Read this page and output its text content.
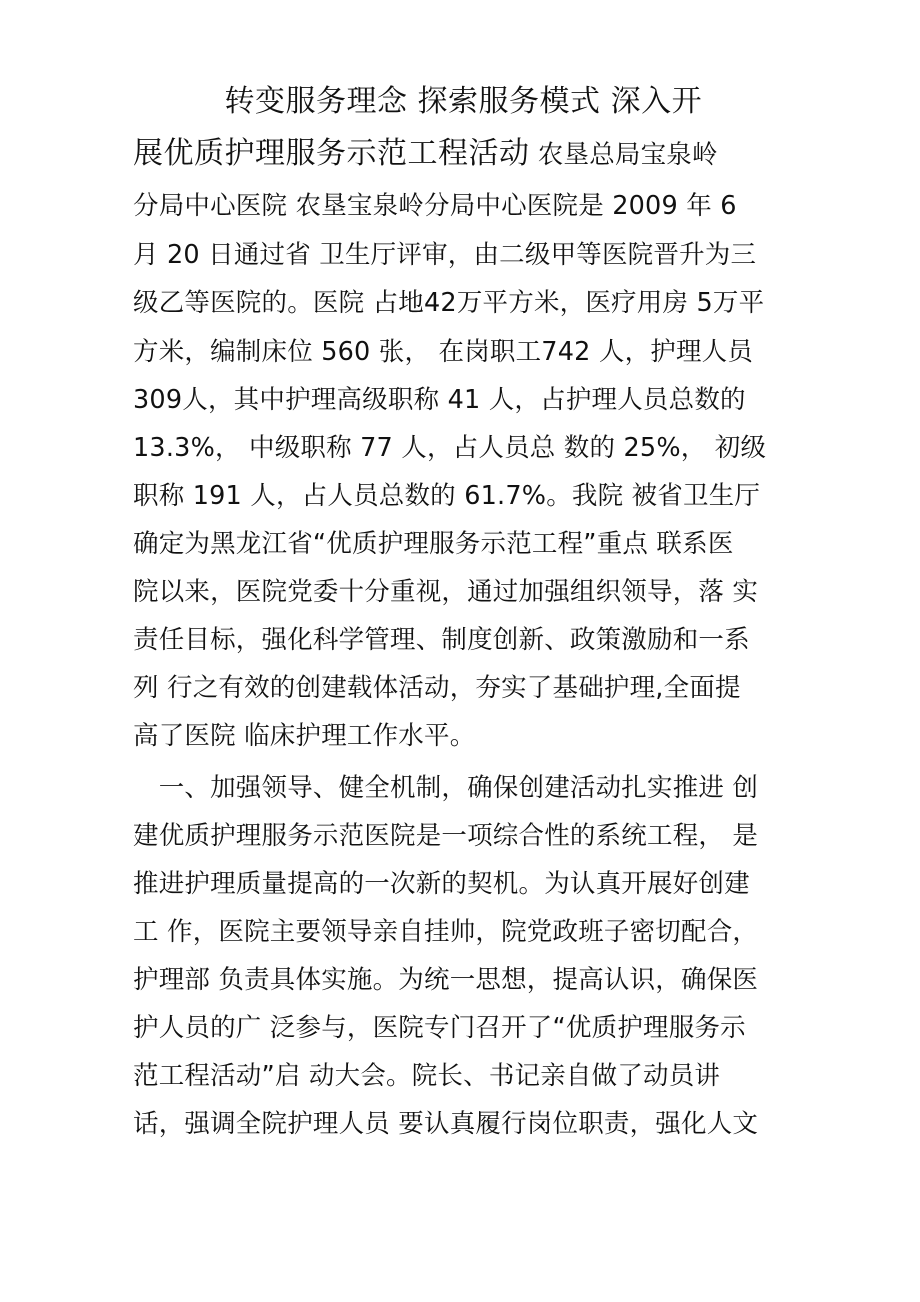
　　　转变服务理念 探索服务模式 深入开
展优质护理服务示范工程活动 农垦总局宝泉岭
分局中心医院 农垦宝泉岭分局中心医院是 2009 年 6
月 20 日通过省 卫生厅评审，由二级甲等医院晋升为三
级乙等医院的。医院 占地42万平方米，医疗用房 5万平
方米，编制床位 560 张， 在岗职工742 人，护理人员
309人，其中护理高级职称 41 人，占护理人员总数的
13.3%， 中级职称 77 人，占人员总 数的 25%， 初级
职称 191 人，占人员总数的 61.7%。我院 被省卫生厅
确定为黑龙江省“优质护理服务示范工程”重点 联系医
院以来，医院党委十分重视，通过加强组织领导，落 实
责任目标，强化科学管理、制度创新、政策激励和一系
列 行之有效的创建载体活动，夯实了基础护理,全面提
高了医院 临床护理工作水平。
　一、加强领导、健全机制，确保创建活动扎实推进 创
建优质护理服务示范医院是一项综合性的系统工程， 是
推进护理质量提高的一次新的契机。为认真开展好创建
工 作，医院主要领导亲自挂帅，院党政班子密切配合，
护理部 负责具体实施。为统一思想，提高认识，确保医
护人员的广 泛参与，医院专门召开了“优质护理服务示
范工程活动”启 动大会。院长、书记亲自做了动员讲
话，强调全院护理人员 要认真履行岗位职责，强化人文
